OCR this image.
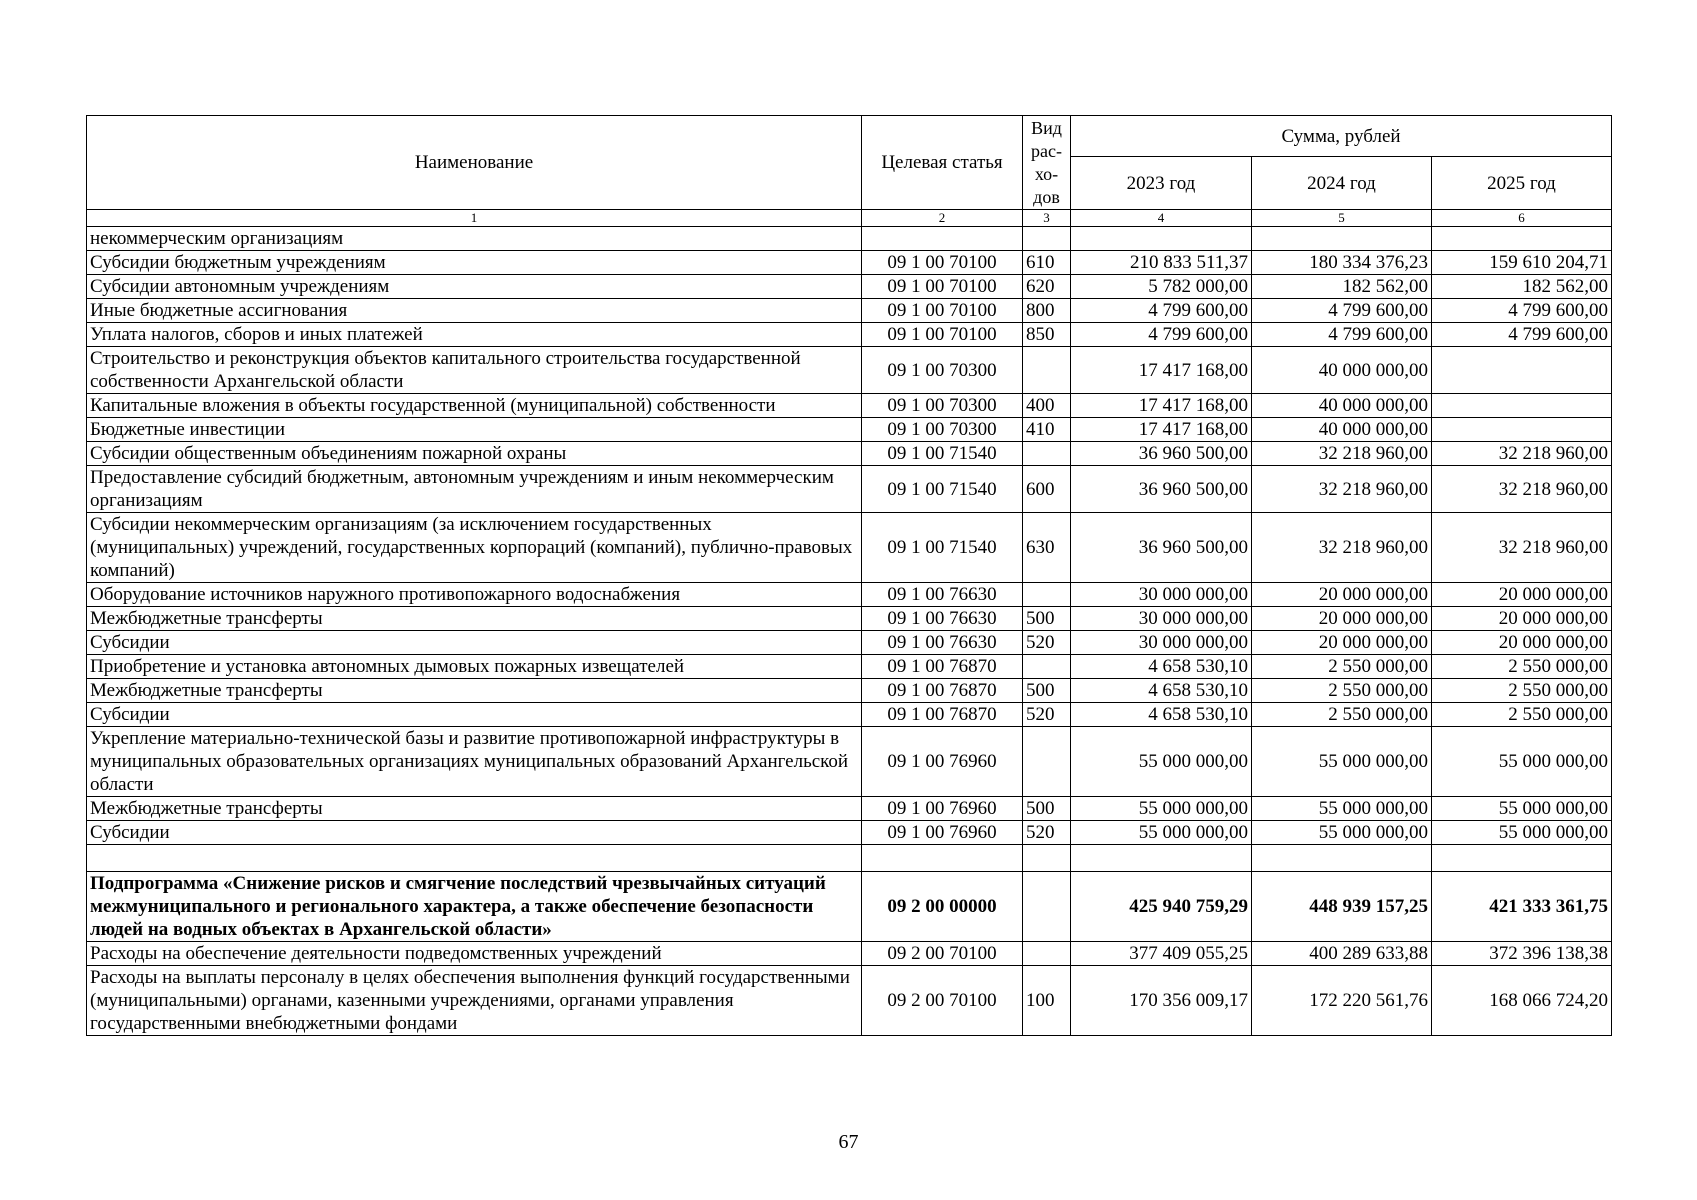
Наименование	Целевая статья	Вид
рас-
хо-
дов	Сумма, рублей		
			2023 год	2024 год	2025 год
1	2	3	4	5	6
некоммерческим организациям					
Субсидии бюджетным учреждениям	09 1 00 70100	610	210 833 511,37	180 334 376,23	159 610 204,71
Субсидии автономным учреждениям	09 1 00 70100	620	5 782 000,00	182 562,00	182 562,00
Иные бюджетные ассигнования	09 1 00 70100	800	4 799 600,00	4 799 600,00	4 799 600,00
Уплата налогов, сборов и иных платежей	09 1 00 70100	850	4 799 600,00	4 799 600,00	4 799 600,00
Строительство и реконструкция объектов капитального строительства государственной собственности Архангельской области	09 1 00 70300		17 417 168,00	40 000 000,00	
Капитальные вложения в объекты государственной (муниципальной) собственности	09 1 00 70300	400	17 417 168,00	40 000 000,00	
Бюджетные инвестиции	09 1 00 70300	410	17 417 168,00	40 000 000,00	
Субсидии общественным объединениям пожарной охраны	09 1 00 71540		36 960 500,00	32 218 960,00	32 218 960,00
Предоставление субсидий бюджетным, автономным учреждениям и иным некоммерческим организациям	09 1 00 71540	600	36 960 500,00	32 218 960,00	32 218 960,00
Субсидии некоммерческим организациям (за исключением государственных (муниципальных) учреждений, государственных корпораций (компаний), публично-правовых компаний)	09 1 00 71540	630	36 960 500,00	32 218 960,00	32 218 960,00
Оборудование источников наружного противопожарного водоснабжения	09 1 00 76630		30 000 000,00	20 000 000,00	20 000 000,00
Межбюджетные трансферты	09 1 00 76630	500	30 000 000,00	20 000 000,00	20 000 000,00
Субсидии	09 1 00 76630	520	30 000 000,00	20 000 000,00	20 000 000,00
Приобретение и установка автономных дымовых пожарных извещателей	09 1 00 76870		4 658 530,10	2 550 000,00	2 550 000,00
Межбюджетные трансферты	09 1 00 76870	500	4 658 530,10	2 550 000,00	2 550 000,00
Субсидии	09 1 00 76870	520	4 658 530,10	2 550 000,00	2 550 000,00
Укрепление материально-технической базы и развитие противопожарной инфраструктуры в муниципальных образовательных организациях муниципальных образований Архангельской области	09 1 00 76960		55 000 000,00	55 000 000,00	55 000 000,00
Межбюджетные трансферты	09 1 00 76960	500	55 000 000,00	55 000 000,00	55 000 000,00
Субсидии	09 1 00 76960	520	55 000 000,00	55 000 000,00	55 000 000,00

Подпрограмма «Снижение рисков и смягчение последствий чрезвычайных ситуаций межмуниципального и регионального характера, а также обеспечение безопасности людей на водных объектах в Архангельской области»	09 2 00 00000		425 940 759,29	448 939 157,25	421 333 361,75
Расходы на обеспечение деятельности подведомственных учреждений	09 2 00 70100		377 409 055,25	400 289 633,88	372 396 138,38
Расходы на выплаты персоналу в целях обеспечения выполнения функций государственными (муниципальными) органами, казенными учреждениями, органами управления государственными внебюджетными фондами	09 2 00 70100	100	170 356 009,17	172 220 561,76	168 066 724,20
67
